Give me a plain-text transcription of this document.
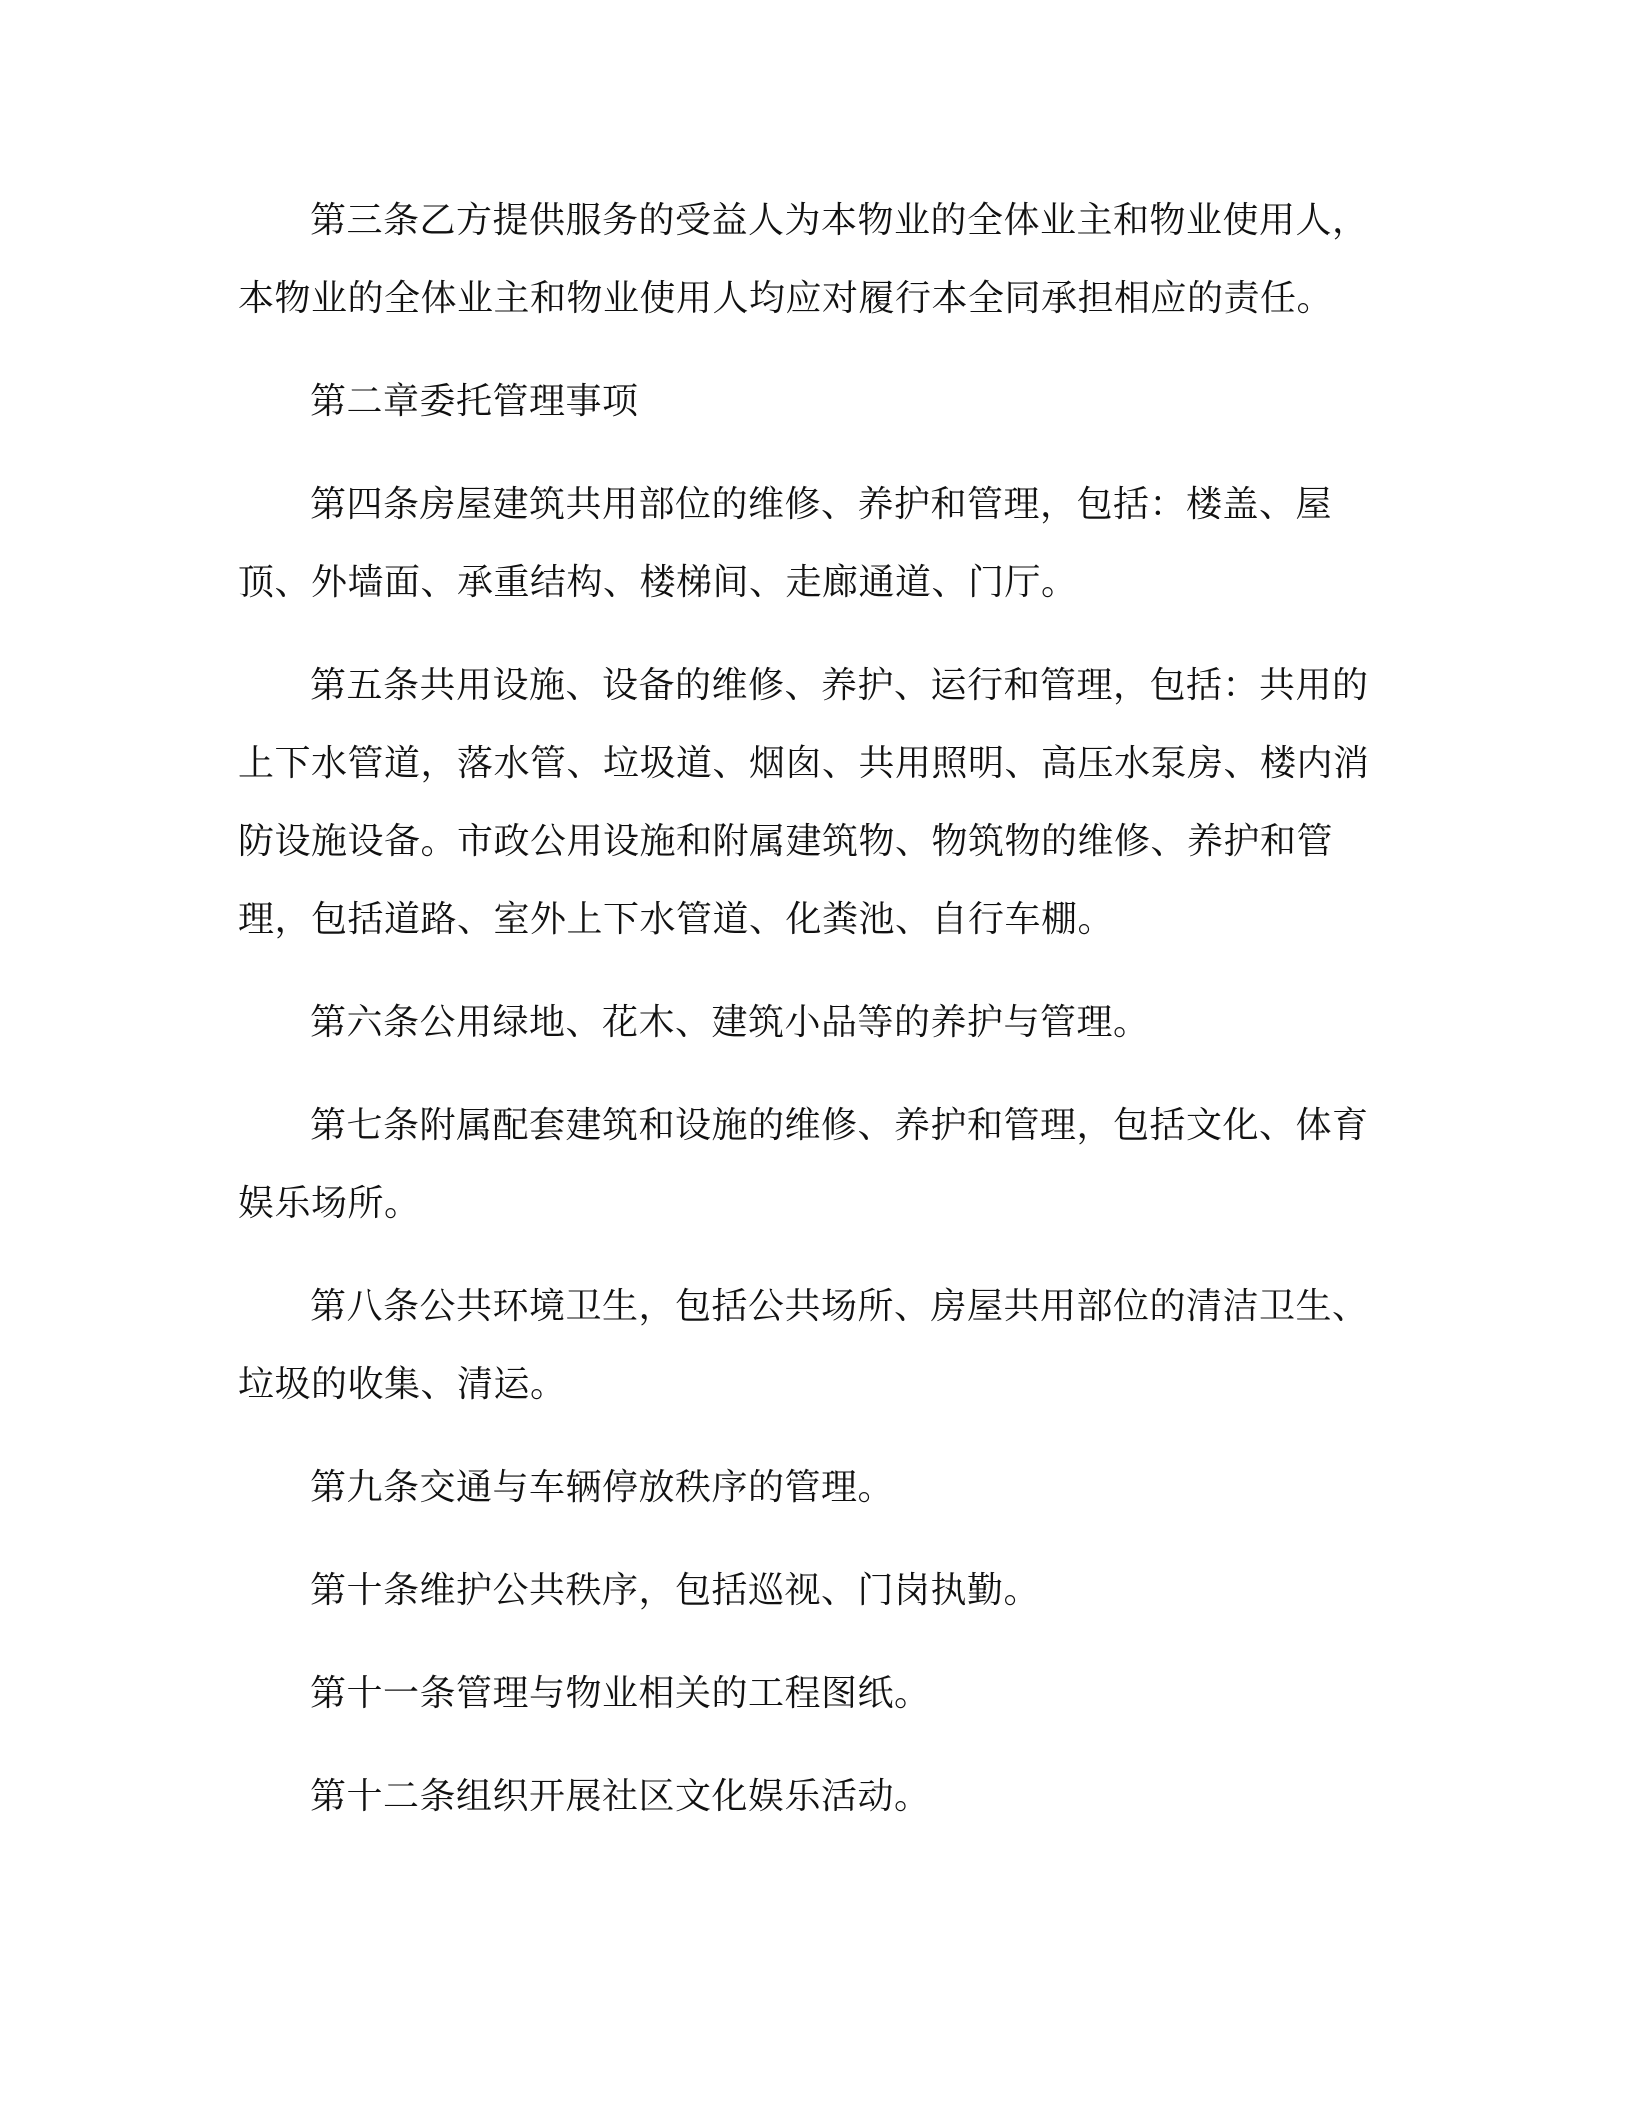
第三条乙方提供服务的受益人为本物业的全体业主和物业使用人，本物业的全体业主和物业使用人均应对履行本全同承担相应的责任。

第二章委托管理事项

第四条房屋建筑共用部位的维修、养护和管理，包括：楼盖、屋顶、外墙面、承重结构、楼梯间、走廊通道、门厅。

第五条共用设施、设备的维修、养护、运行和管理，包括：共用的上下水管道，落水管、垃圾道、烟囱、共用照明、高压水泵房、楼内消防设施设备。市政公用设施和附属建筑物、物筑物的维修、养护和管理，包括道路、室外上下水管道、化粪池、自行车棚。

第六条公用绿地、花木、建筑小品等的养护与管理。

第七条附属配套建筑和设施的维修、养护和管理，包括文化、体育娱乐场所。

第八条公共环境卫生，包括公共场所、房屋共用部位的清洁卫生、垃圾的收集、清运。

第九条交通与车辆停放秩序的管理。

第十条维护公共秩序，包括巡视、门岗执勤。

第十一条管理与物业相关的工程图纸。

第十二条组织开展社区文化娱乐活动。
